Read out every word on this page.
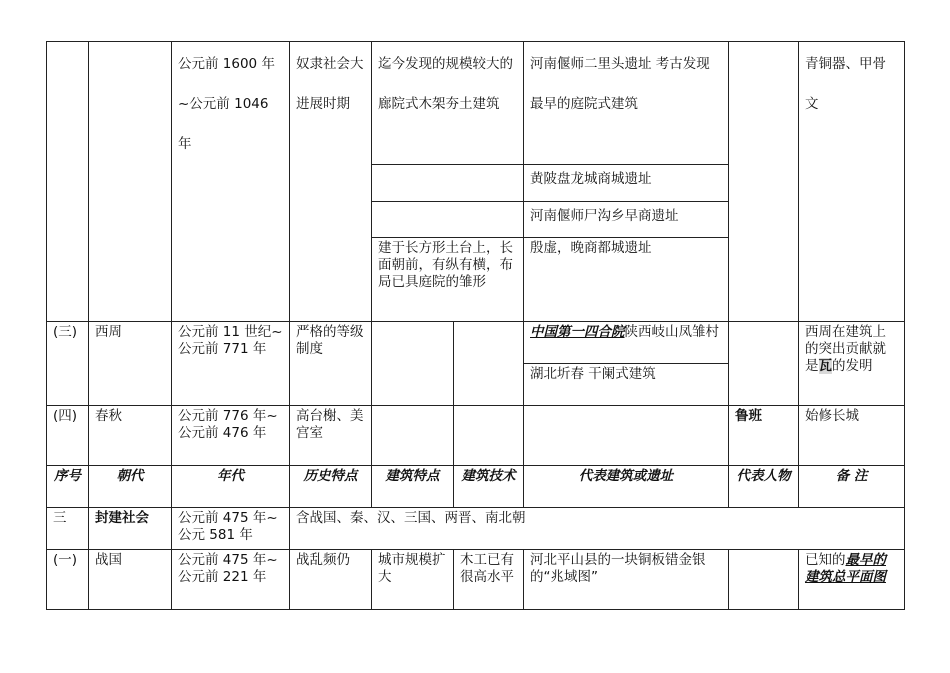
		公元前 1600 年~公元前 1046 年	奴隶社会大进展时期	迄今发现的规模较大的廊院式木架夯土建筑		河南偃师二里头遗址 考古发现最早的庭院式建筑		青铜器、甲骨文
						黄陂盘龙城商城遗址		
						河南偃师尸沟乡早商遗址		
				建于长方形土台上，长面朝前，有纵有横，布局已具庭院的雏形		殷虚，晚商都城遗址		
(三)	西周	公元前 11 世纪~公元前 771 年	严格的等级制度			中国第一四合院陕西岐山凤雏村		西周在建筑上的突出贡献就是瓦的发明
						湖北圻春 干阑式建筑		
(四)	春秋	公元前 776 年~公元前 476 年	高台榭、美宫室				鲁班	始修长城
序号	朝代	年代	历史特点	建筑特点	建筑技术	代表建筑或遗址	代表人物	备 注
三	封建社会	公元前 475 年~公元 581 年	含战国、秦、汉、三国、两晋、南北朝					
(一)	战国	公元前 475 年~公元前 221 年	战乱频仍	城市规模扩大	木工已有很高水平	河北平山县的一块铜板错金银的“兆域图”		已知的最早的建筑总平面图
